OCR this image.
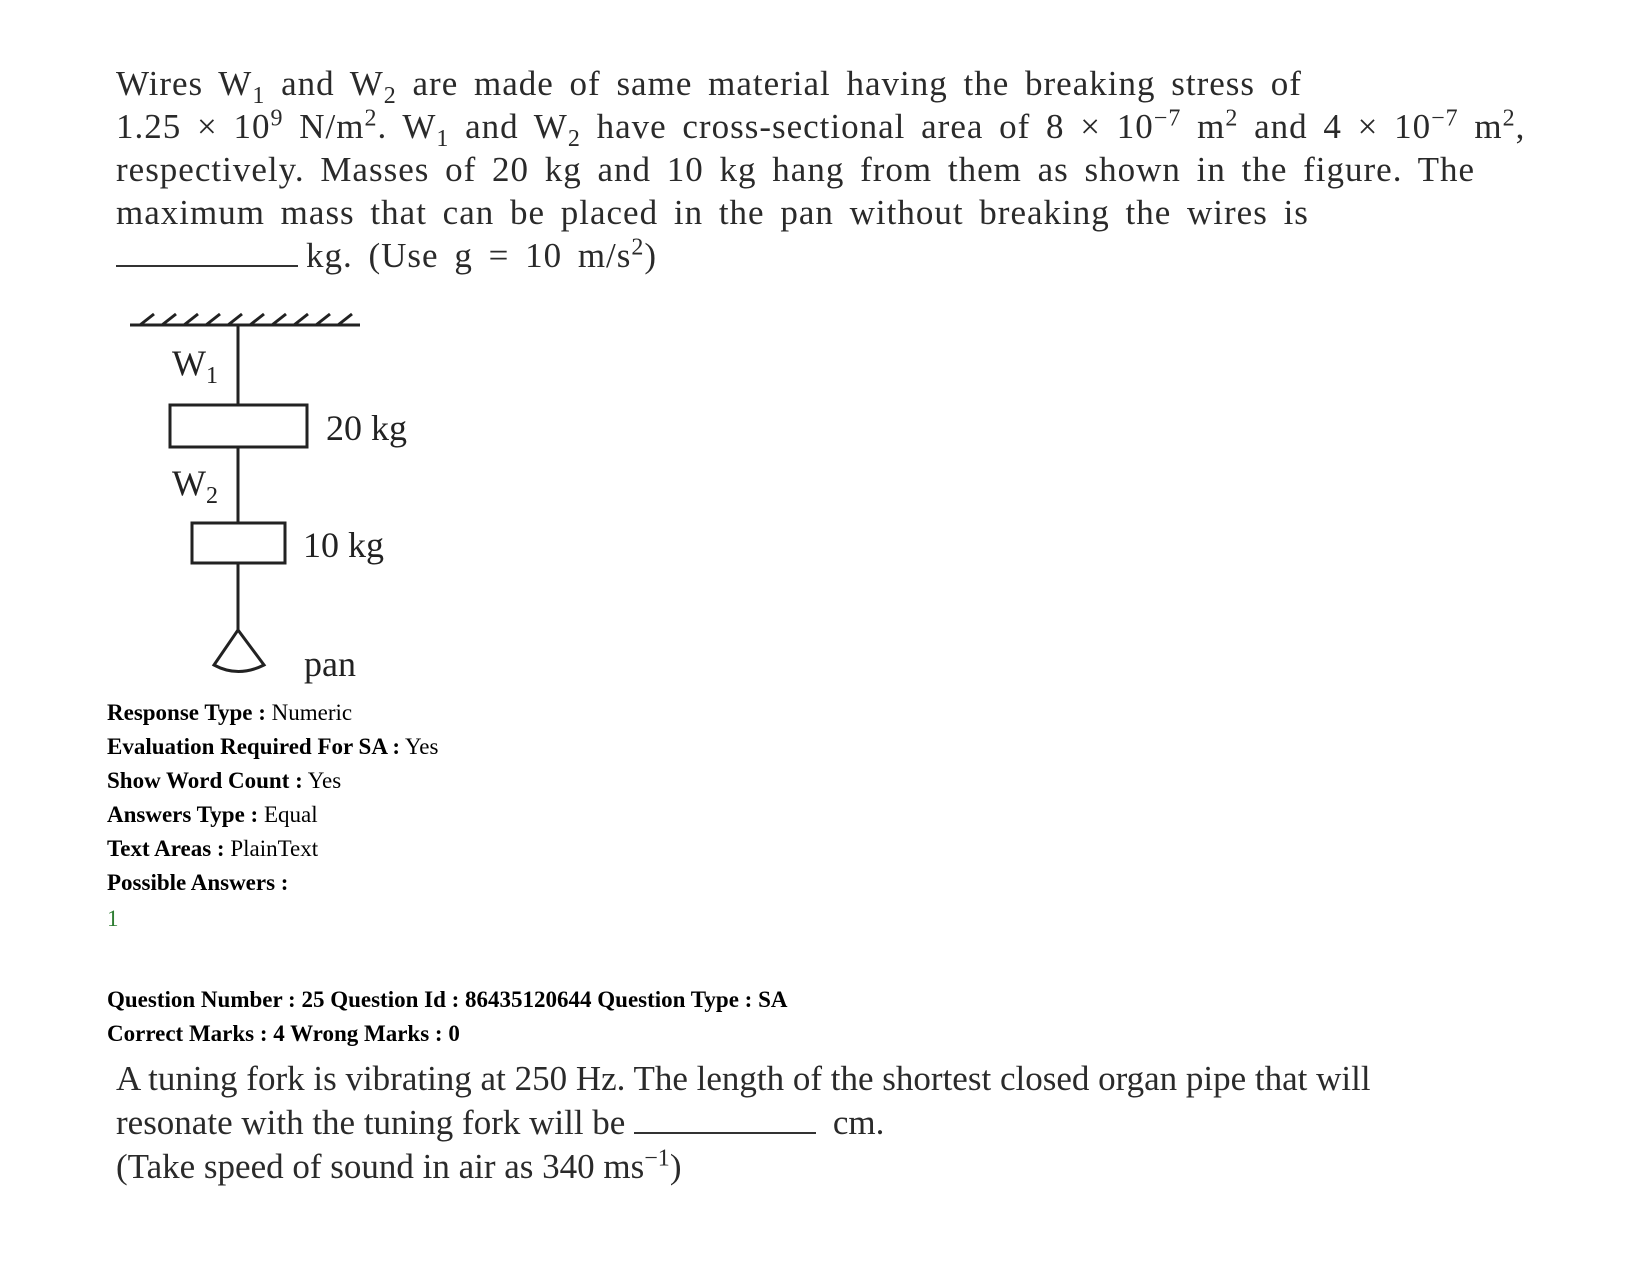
Wires $W_1$ and $W_2$ are made of same material having the breaking stress of
$1.25 \times 10^9$ $N/m^2$. $W_1$ and $W_2$ have cross-sectional area of $8 \times 10^{-7}$ $m^2$ and $4 \times 10^{-7}$ $m^2$,
respectively. Masses of 20 kg and 10 kg hang from them as shown in the figure. The
maximum mass that can be placed in the pan without breaking the wires is
kg. (Use g = 10 $m/s^2$)
$W_1$
20 kg
$W_2$
10 kg
pan
Response Type : Numeric
Evaluation Required For SA : Yes
Show Word Count : Yes
Answers Type : Equal
Text Areas : PlainText
Possible Answers :
1
Question Number : 25 Question Id : 86435120644 Question Type : SA
Correct Marks : 4 Wrong Marks : 0
A tuning fork is vibrating at 250 Hz. The length of the shortest closed organ pipe that will
resonate with the tuning fork will be	cm.
(Take speed of sound in air as 340 $ms^{-1}$)
